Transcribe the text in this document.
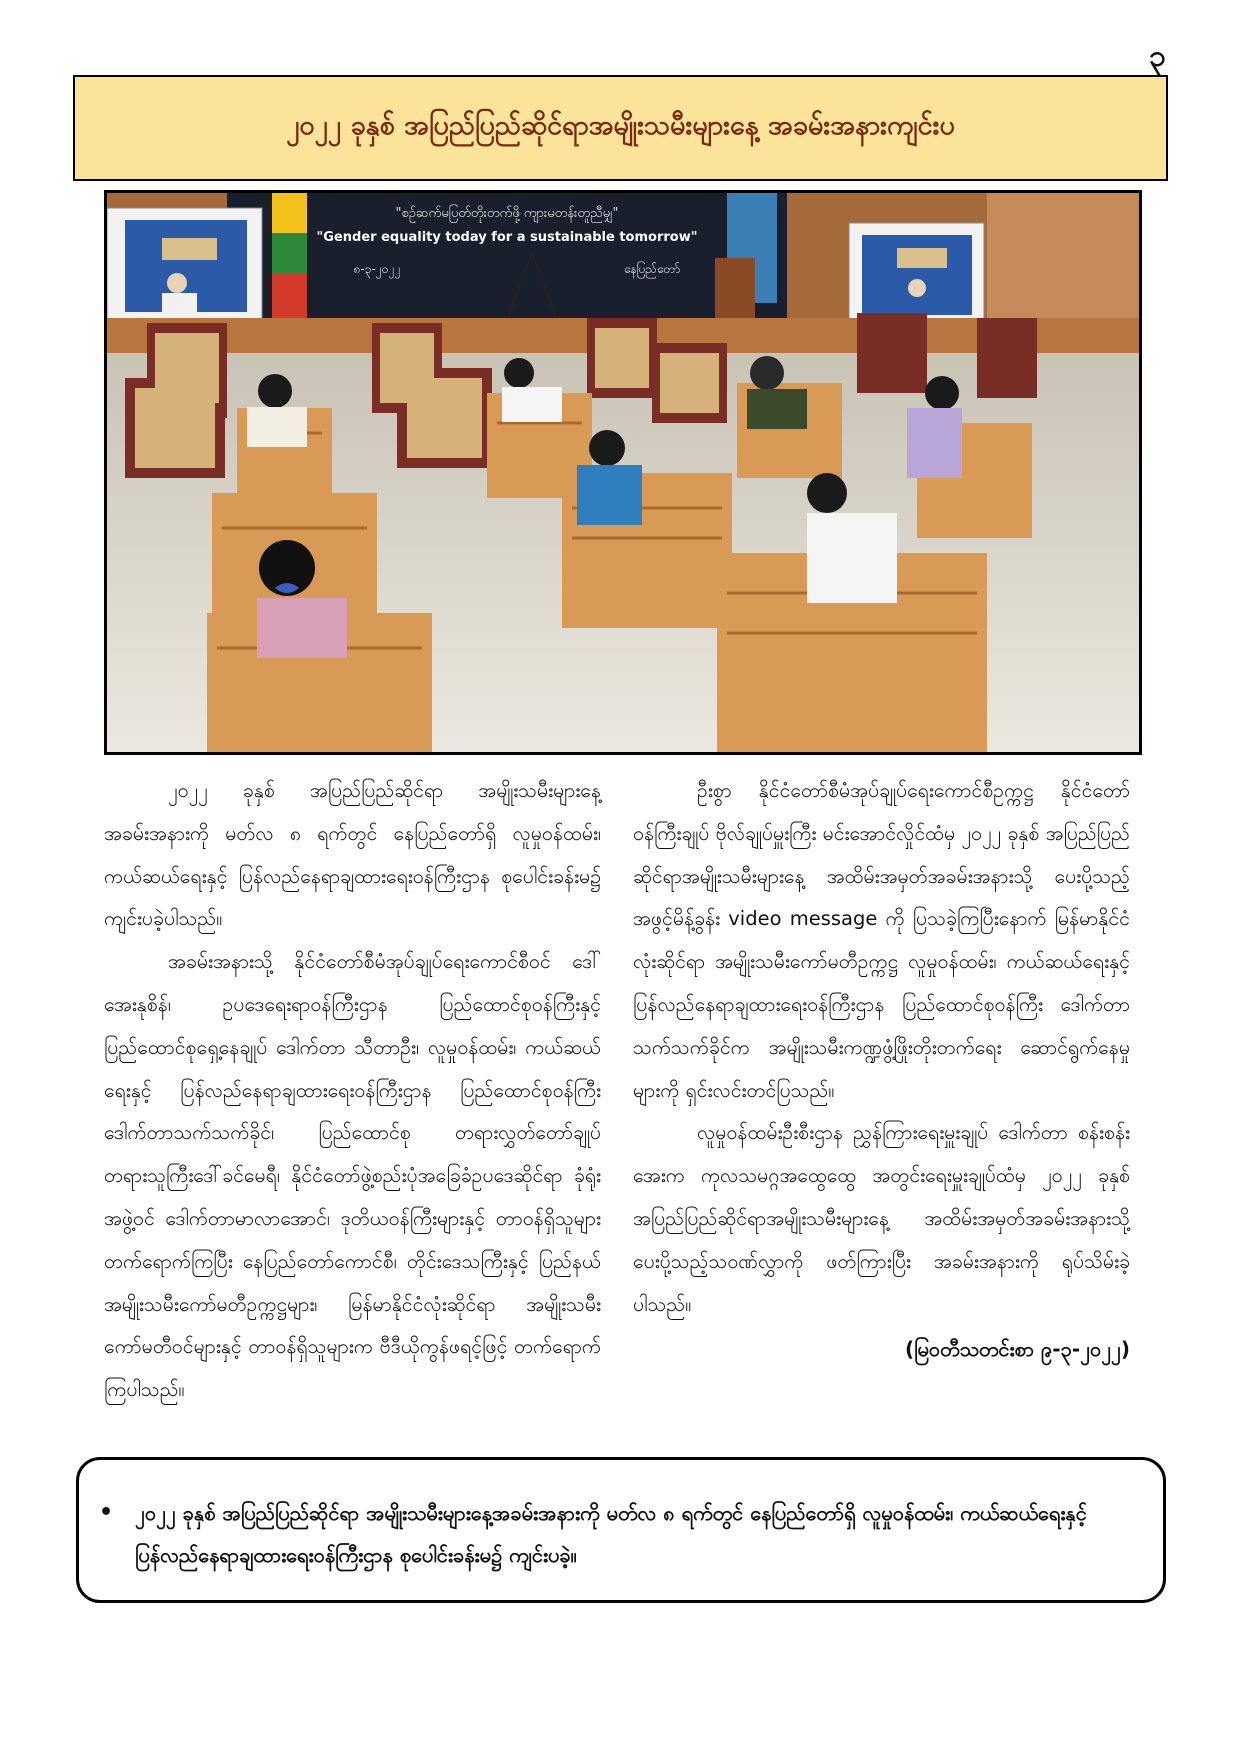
၃
၂၀၂၂ ခုနှစ် အပြည်ပြည်ဆိုင်ရာအမျိုးသမီးများနေ့ အခမ်းအနားကျင်းပ
"စဉ်ဆက်မပြတ်တိုးတက်ဖို့ ကျားမတန်းတူညီမျှ"
"Gender equality today for a sustainable tomorrow"
၈-၃-၂၀၂၂	နေပြည်တော်

၂၀၂၂ ခုနှစ် အပြည်ပြည်ဆိုင်ရာ အမျိုးသမီးများနေ့ အခမ်းအနားကို မတ်လ ၈ ရက်တွင် နေပြည်တော်ရှိ လူမှုဝန်ထမ်း၊ ကယ်ဆယ်ရေးနှင့် ပြန်လည်နေရာချထားရေးဝန်ကြီးဌာန စုပေါင်းခန်းမ၌ ကျင်းပခဲ့ပါသည်။

အခမ်းအနားသို့ နိုင်ငံတော်စီမံအုပ်ချုပ်ရေးကောင်စီဝင် ဒေါ်အေးနုစိန်၊ ဥပဒေရေးရာဝန်ကြီးဌာန ပြည်ထောင်စုဝန်ကြီးနှင့် ပြည်ထောင်စုရှေ့နေချုပ် ဒေါက်တာ သီတာဦး၊ လူမှုဝန်ထမ်း၊ ကယ်ဆယ်ရေးနှင့် ပြန်လည်နေရာချထားရေးဝန်ကြီးဌာန ပြည်ထောင်စုဝန်ကြီး ဒေါက်တာသက်သက်ခိုင်၊ ပြည်ထောင်စု တရားလွှတ်တော်ချုပ် တရားသူကြီးဒေါ်ခင်မေရီ၊ နိုင်ငံတော်ဖွဲ့စည်းပုံအခြေခံဥပဒေဆိုင်ရာ ခုံရုံးအဖွဲ့ဝင် ဒေါက်တာမာလာအောင်၊ ဒုတိယဝန်ကြီးများနှင့် တာဝန်ရှိသူများ တက်ရောက်ကြပြီး နေပြည်တော်ကောင်စီ၊ တိုင်းဒေသကြီးနှင့် ပြည်နယ် အမျိုးသမီးကော်မတီဥက္ကဋ္ဌများ၊ မြန်မာနိုင်ငံလုံးဆိုင်ရာ အမျိုးသမီးကော်မတီဝင်များနှင့် တာဝန်ရှိသူများက ဗီဒီယိုကွန်ဖရင့်ဖြင့် တက်ရောက်ကြပါသည်။

ဦးစွာ နိုင်ငံတော်စီမံအုပ်ချုပ်ရေးကောင်စီဥက္ကဋ္ဌ နိုင်ငံတော်ဝန်ကြီးချုပ် ဗိုလ်ချုပ်မှူးကြီး မင်းအောင်လှိုင်ထံမှ ၂၀၂၂ ခုနှစ် အပြည်ပြည်ဆိုင်ရာအမျိုးသမီးများနေ့ အထိမ်းအမှတ်အခမ်းအနားသို့ ပေးပို့သည့် အဖွင့်မိန့်ခွန်း video message ကို ပြသခဲ့ကြပြီးနောက် မြန်မာနိုင်ငံလုံးဆိုင်ရာ အမျိုးသမီးကော်မတီဥက္ကဋ္ဌ လူမှုဝန်ထမ်း၊ ကယ်ဆယ်ရေးနှင့် ပြန်လည်နေရာချထားရေးဝန်ကြီးဌာန ပြည်ထောင်စုဝန်ကြီး ဒေါက်တာသက်သက်ခိုင်က အမျိုးသမီးကဏ္ဍဖွံ့ဖြိုးတိုးတက်ရေး ဆောင်ရွက်နေမှုများကို ရှင်းလင်းတင်ပြသည်။

လူမှုဝန်ထမ်းဦးစီးဌာန ညွှန်ကြားရေးမှူးချုပ် ဒေါက်တာ စန်းစန်းအေးက ကုလသမဂ္ဂအထွေထွေ အတွင်းရေးမှူးချုပ်ထံမှ ၂၀၂၂ ခုနှစ် အပြည်ပြည်ဆိုင်ရာအမျိုးသမီးများနေ့ အထိမ်းအမှတ်အခမ်းအနားသို့ ပေးပို့သည့်သဝဏ်လွှာကို ဖတ်ကြားပြီး အခမ်းအနားကို ရုပ်သိမ်းခဲ့ပါသည်။

(မြဝတီသတင်းစာ ၉-၃-၂၀၂၂)
• ၂၀၂၂ ခုနှစ် အပြည်ပြည်ဆိုင်ရာ အမျိုးသမီးများနေ့အခမ်းအနားကို မတ်လ ၈ ရက်တွင် နေပြည်တော်ရှိ လူမှုဝန်ထမ်း၊ ကယ်ဆယ်ရေးနှင့် ပြန်လည်နေရာချထားရေးဝန်ကြီးဌာန စုပေါင်းခန်းမ၌ ကျင်းပခဲ့။
